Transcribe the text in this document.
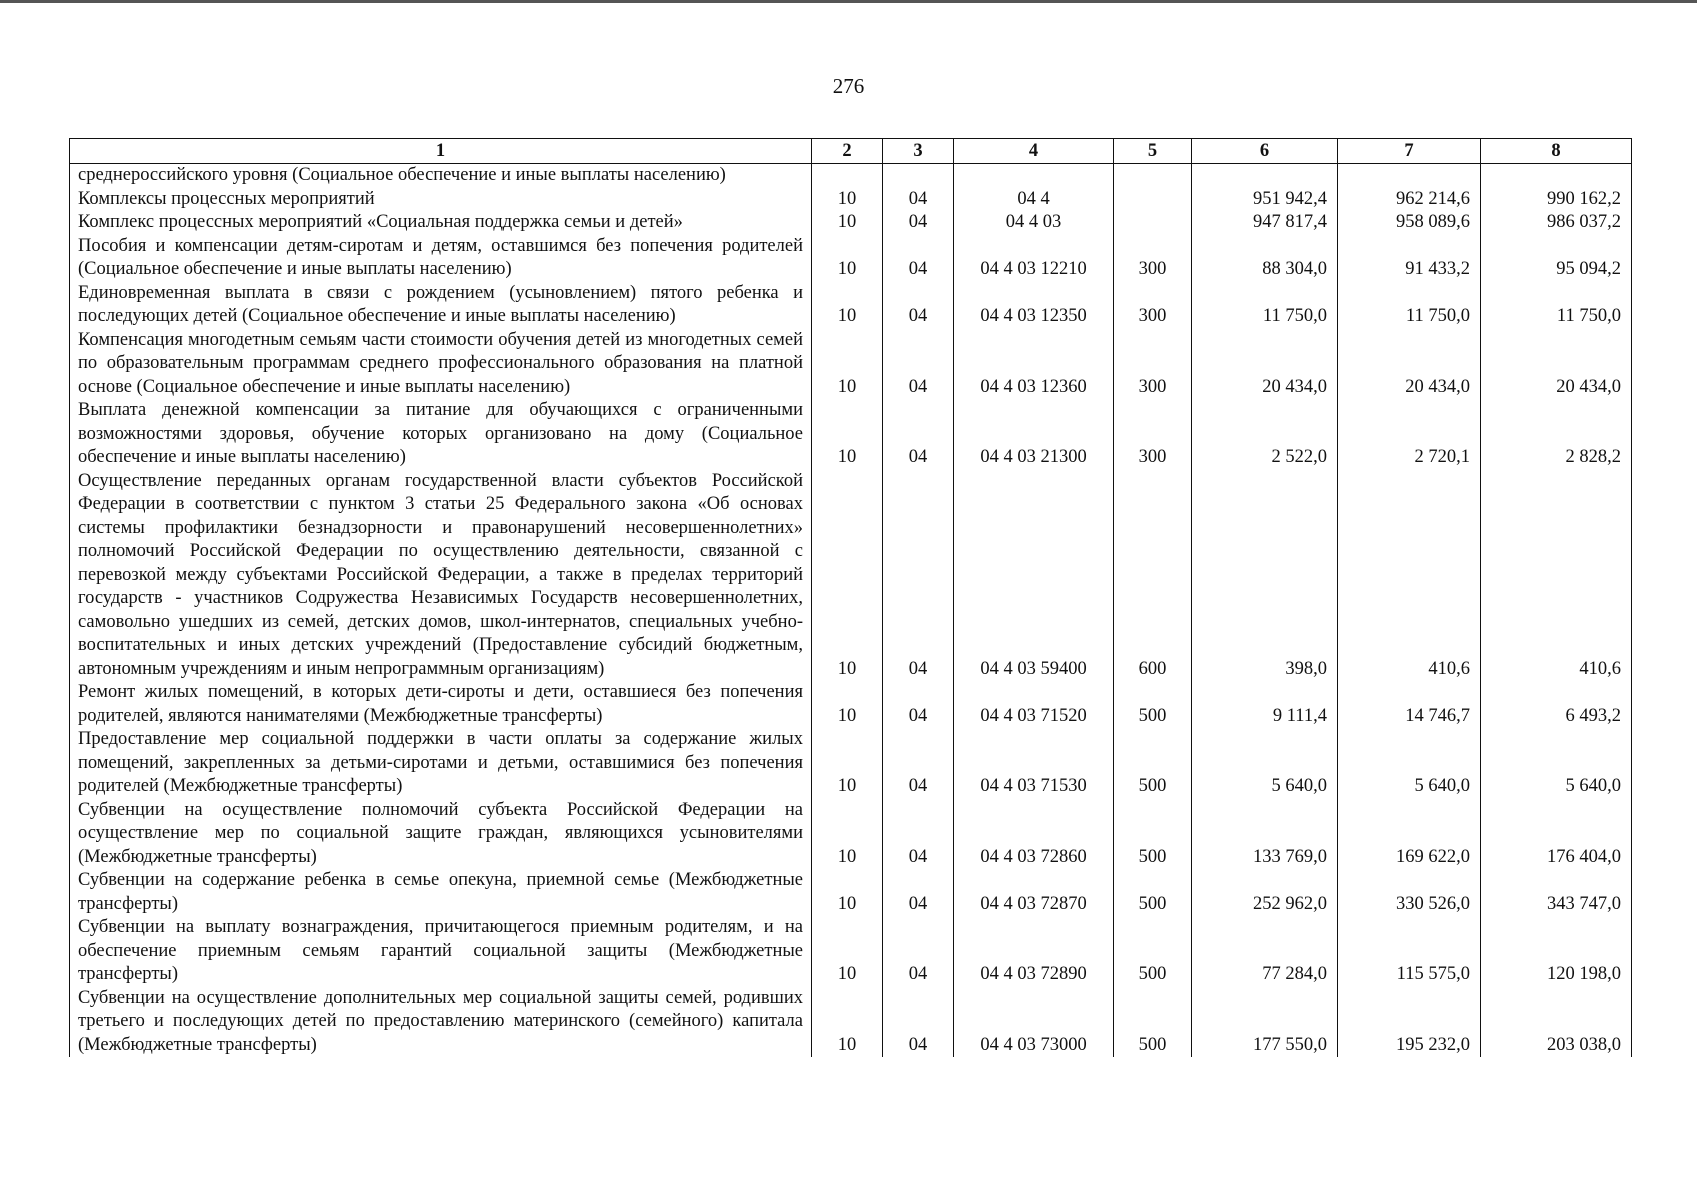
276
1	2	3	4	5	6	7	8
среднероссийского уровня (Социальное обеспечение и иные выплаты населению)							
Комплексы процессных мероприятий	10	04	04 4		951 942,4	962 214,6	990 162,2
Комплекс процессных мероприятий «Социальная поддержка семьи и детей»	10	04	04 4 03		947 817,4	958 089,6	986 037,2
Пособия и компенсации детям-сиротам и детям, оставшимся без попечения родителей (Социальное обеспечение и иные выплаты населению)	10	04	04 4 03 12210	300	88 304,0	91 433,2	95 094,2
Единовременная выплата в связи с рождением (усыновлением) пятого ребенка и последующих детей (Социальное обеспечение и иные выплаты населению)	10	04	04 4 03 12350	300	11 750,0	11 750,0	11 750,0
Компенсация многодетным семьям части стоимости обучения детей из многодетных семей по образовательным программам среднего профессионального образования на платной основе (Социальное обеспечение и иные выплаты населению)	10	04	04 4 03 12360	300	20 434,0	20 434,0	20 434,0
Выплата денежной компенсации за питание для обучающихся с ограниченными возможностями здоровья, обучение которых организовано на дому (Социальное обеспечение и иные выплаты населению)	10	04	04 4 03 21300	300	2 522,0	2 720,1	2 828,2
Осуществление переданных органам государственной власти субъектов Российской Федерации в соответствии с пунктом 3 статьи 25 Федерального закона «Об основах системы профилактики безнадзорности и правонарушений несовершеннолетних» полномочий Российской Федерации по осуществлению деятельности, связанной с перевозкой между субъектами Российской Федерации, а также в пределах территорий государств - участников Содружества Независимых Государств несовершеннолетних, самовольно ушедших из семей, детских домов, школ-интернатов, специальных учебно-воспитательных и иных детских учреждений (Предоставление субсидий бюджетным, автономным учреждениям и иным непрограммным организациям)	10	04	04 4 03 59400	600	398,0	410,6	410,6
Ремонт жилых помещений, в которых дети-сироты и дети, оставшиеся без попечения родителей, являются нанимателями (Межбюджетные трансферты)	10	04	04 4 03 71520	500	9 111,4	14 746,7	6 493,2
Предоставление мер социальной поддержки в части оплаты за содержание жилых помещений, закрепленных за детьми-сиротами и детьми, оставшимися без попечения родителей (Межбюджетные трансферты)	10	04	04 4 03 71530	500	5 640,0	5 640,0	5 640,0
Субвенции на осуществление полномочий субъекта Российской Федерации на осуществление мер по социальной защите граждан, являющихся усыновителями (Межбюджетные трансферты)	10	04	04 4 03 72860	500	133 769,0	169 622,0	176 404,0
Субвенции на содержание ребенка в семье опекуна, приемной семье (Межбюджетные трансферты)	10	04	04 4 03 72870	500	252 962,0	330 526,0	343 747,0
Субвенции на выплату вознаграждения, причитающегося приемным родителям, и на обеспечение приемным семьям гарантий социальной защиты (Межбюджетные трансферты)	10	04	04 4 03 72890	500	77 284,0	115 575,0	120 198,0
Субвенции на осуществление дополнительных мер социальной защиты семей, родивших третьего и последующих детей по предоставлению материнского (семейного) капитала (Межбюджетные трансферты)	10	04	04 4 03 73000	500	177 550,0	195 232,0	203 038,0
